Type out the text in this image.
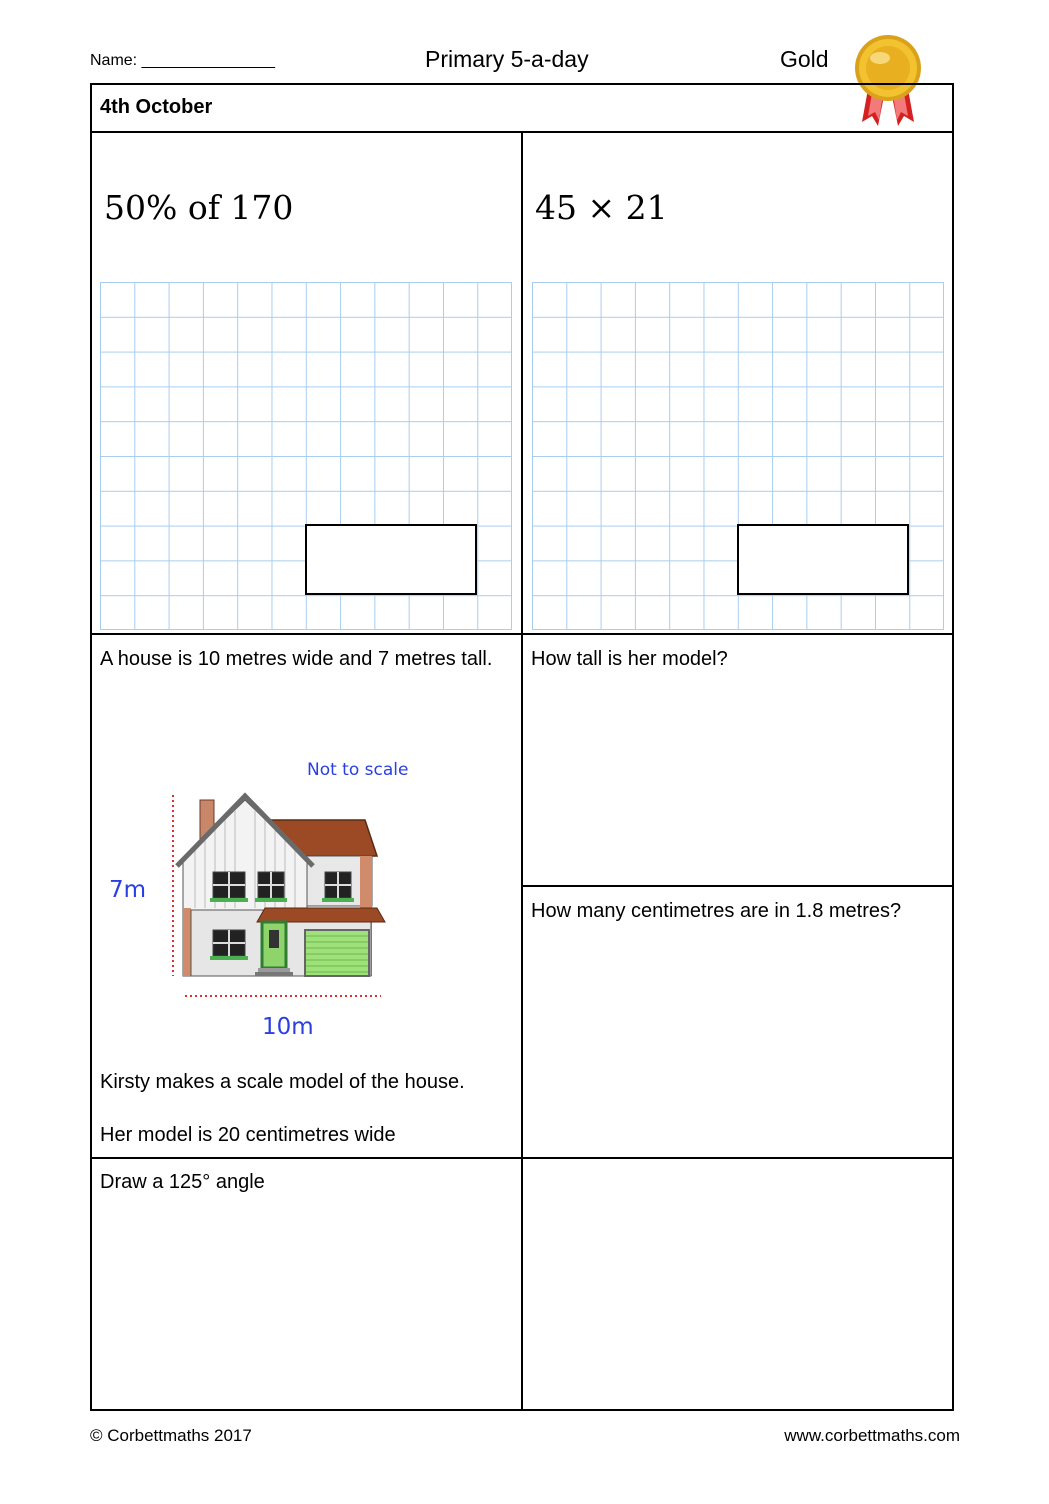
Name: _______________	Primary 5-a-day	Gold
4th October
50% of 170	45 × 21
A house is 10 metres wide and 7 metres tall.
Not to scale
7m
10m
Kirsty makes a scale model of the house.
Her model is 20 centimetres wide
How tall is her model?
How many centimetres are in 1.8 metres?
Draw a 125° angle
© Corbettmaths 2017	www.corbettmaths.com
